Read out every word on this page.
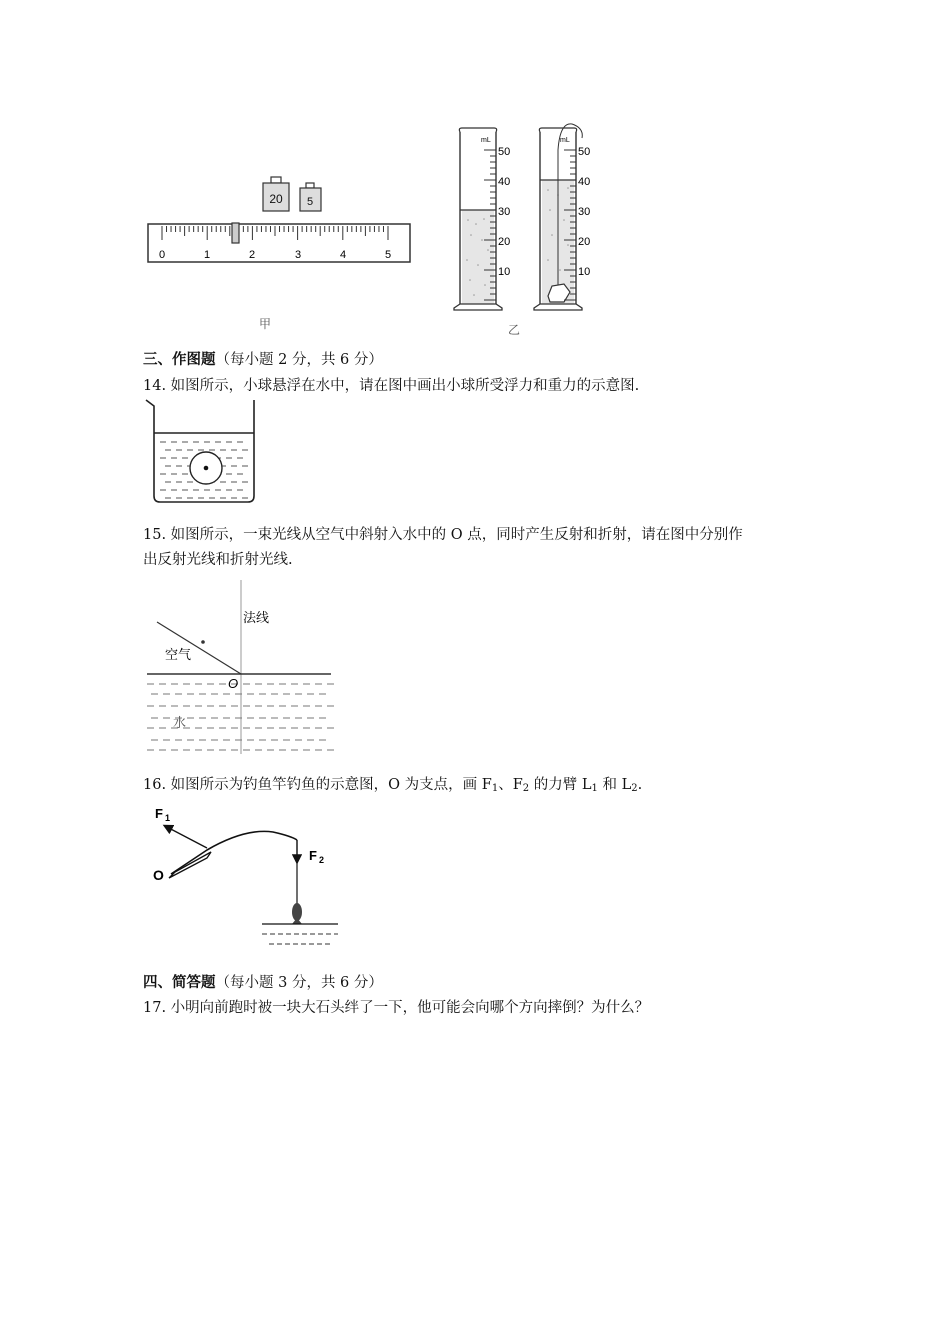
20 5
0	1	2	3	4	5
甲
mL
50
40
30
20
10
mL
50
40
30
20
10
乙
三、作图题（每小题 2 分，共 6 分）
14. 如图所示，小球悬浮在水中，请在图中画出小球所受浮力和重力的示意图.
15. 如图所示，一束光线从空气中斜射入水中的 O 点，同时产生反射和折射，请在图中分别作
出反射光线和折射光线.
法线
空气
O
水
16. 如图所示为钓鱼竿钓鱼的示意图，O 为支点，画 $F_1$、$F_2$ 的力臂 $L_1$ 和 $L_2$.
F 1
O
F 2
四、简答题（每小题 3 分，共 6 分）
17. 小明向前跑时被一块大石头绊了一下，他可能会向哪个方向摔倒？为什么？
